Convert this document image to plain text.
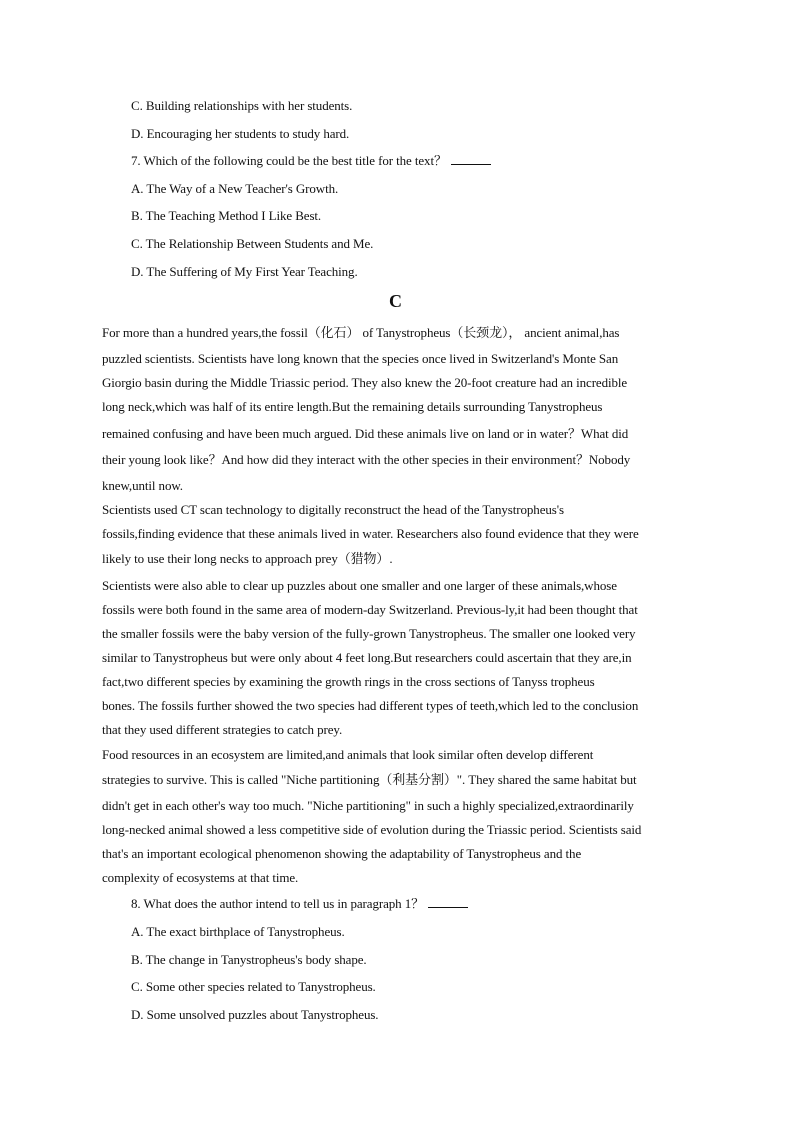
C. Building relationships with her students.
D. Encouraging her students to study hard.
7. Which of the following could be the best title for the text？
A. The Way of a New Teacher's Growth.
B. The Teaching Method I Like Best.
C. The Relationship Between Students and Me.
D. The Suffering of My First Year Teaching.
C
For more than a hundred years,the fossil（化石） of Tanystropheus（长颈龙）， ancient animal,has
puzzled scientists. Scientists have long known that the species once lived in Switzerland's Monte San
Giorgio basin during the Middle Triassic period. They also knew the 20-foot creature had an incredible
long neck,which was half of its entire length.But the remaining details surrounding Tanystropheus
remained confusing and have been much argued. Did these animals live on land or in water？What did
their young look like？And how did they interact with the other species in their environment？Nobody
knew,until now.
Scientists used CT scan technology to digitally reconstruct the head of the Tanystropheus's
fossils,finding evidence that these animals lived in water. Researchers also found evidence that they were
likely to use their long necks to approach prey（猎物）.
Scientists were also able to clear up puzzles about one smaller and one larger of these animals,whose
fossils were both found in the same area of modern-day Switzerland. Previous-ly,it had been thought that
the smaller fossils were the baby version of the fully-grown Tanystropheus. The smaller one looked very
similar to Tanystropheus but were only about 4 feet long.But researchers could ascertain that they are,in
fact,two different species by examining the growth rings in the cross sections of Tanyss tropheus
bones. The fossils further showed the two species had different types of teeth,which led to the conclusion
that they used different strategies to catch prey.
Food resources in an ecosystem are limited,and animals that look similar often develop different
strategies to survive. This is called "Niche partitioning（利基分割）". They shared the same habitat but
didn't get in each other's way too much. "Niche partitioning" in such a highly specialized,extraordinarily
long-necked animal showed a less competitive side of evolution during the Triassic period. Scientists said
that's an important ecological phenomenon showing the adaptability of Tanystropheus and the
complexity of ecosystems at that time.
8. What does the author intend to tell us in paragraph 1？
A. The exact birthplace of Tanystropheus.
B. The change in Tanystropheus's body shape.
C. Some other species related to Tanystropheus.
D. Some unsolved puzzles about Tanystropheus.
